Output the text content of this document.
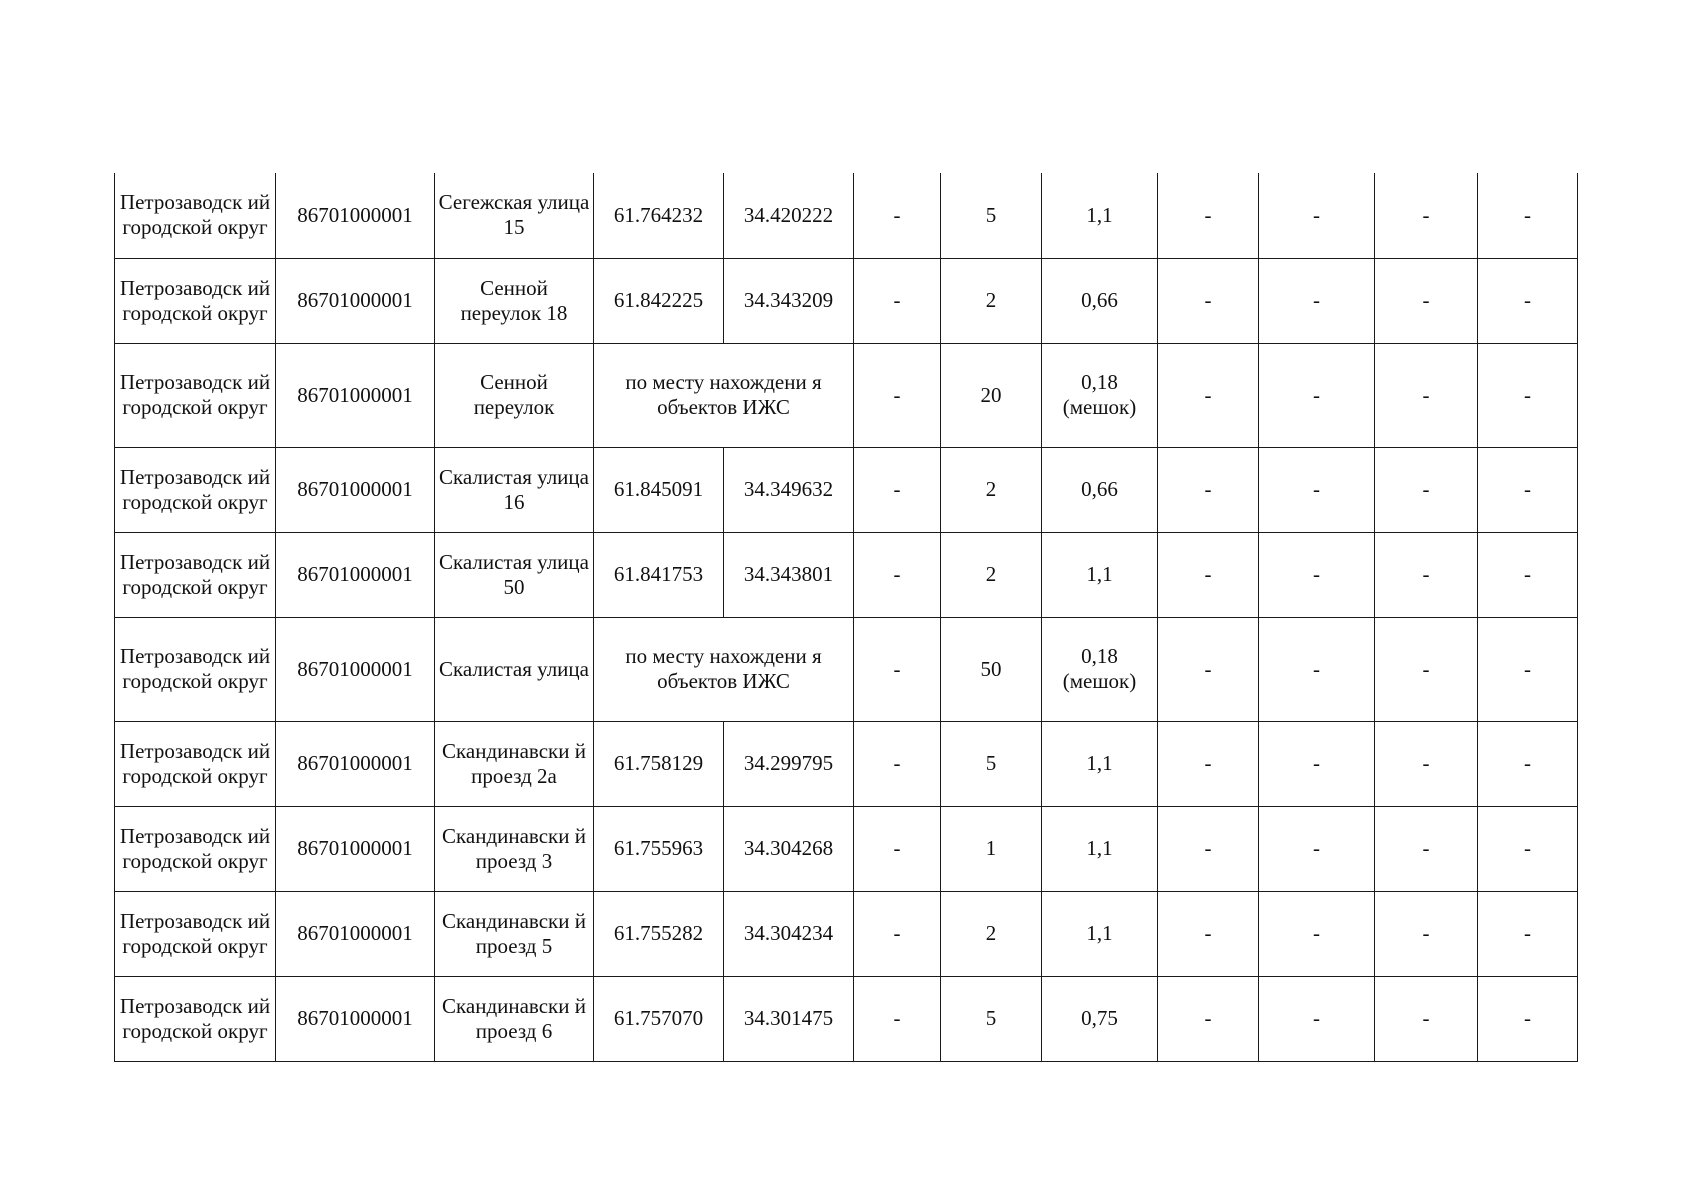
Петрозаводск ий городской округ	86701000001	Сегежская улица 15	61.764232	34.420222	-	5	1,1	-	-	-	-
Петрозаводск ий городской округ	86701000001	Сенной переулок 18	61.842225	34.343209	-	2	0,66	-	-	-	-
Петрозаводск ий городской округ	86701000001	Сенной переулок	по месту нахождени я объектов ИЖС		-	20	0,18 (мешок)	-	-	-	-
Петрозаводск ий городской округ	86701000001	Скалистая улица 16	61.845091	34.349632	-	2	0,66	-	-	-	-
Петрозаводск ий городской округ	86701000001	Скалистая улица 50	61.841753	34.343801	-	2	1,1	-	-	-	-
Петрозаводск ий городской округ	86701000001	Скалистая улица	по месту нахождени я объектов ИЖС		-	50	0,18 (мешок)	-	-	-	-
Петрозаводск ий городской округ	86701000001	Скандинавски й проезд 2а	61.758129	34.299795	-	5	1,1	-	-	-	-
Петрозаводск ий городской округ	86701000001	Скандинавски й проезд 3	61.755963	34.304268	-	1	1,1	-	-	-	-
Петрозаводск ий городской округ	86701000001	Скандинавски й проезд 5	61.755282	34.304234	-	2	1,1	-	-	-	-
Петрозаводск ий городской округ	86701000001	Скандинавски й проезд 6	61.757070	34.301475	-	5	0,75	-	-	-	-
